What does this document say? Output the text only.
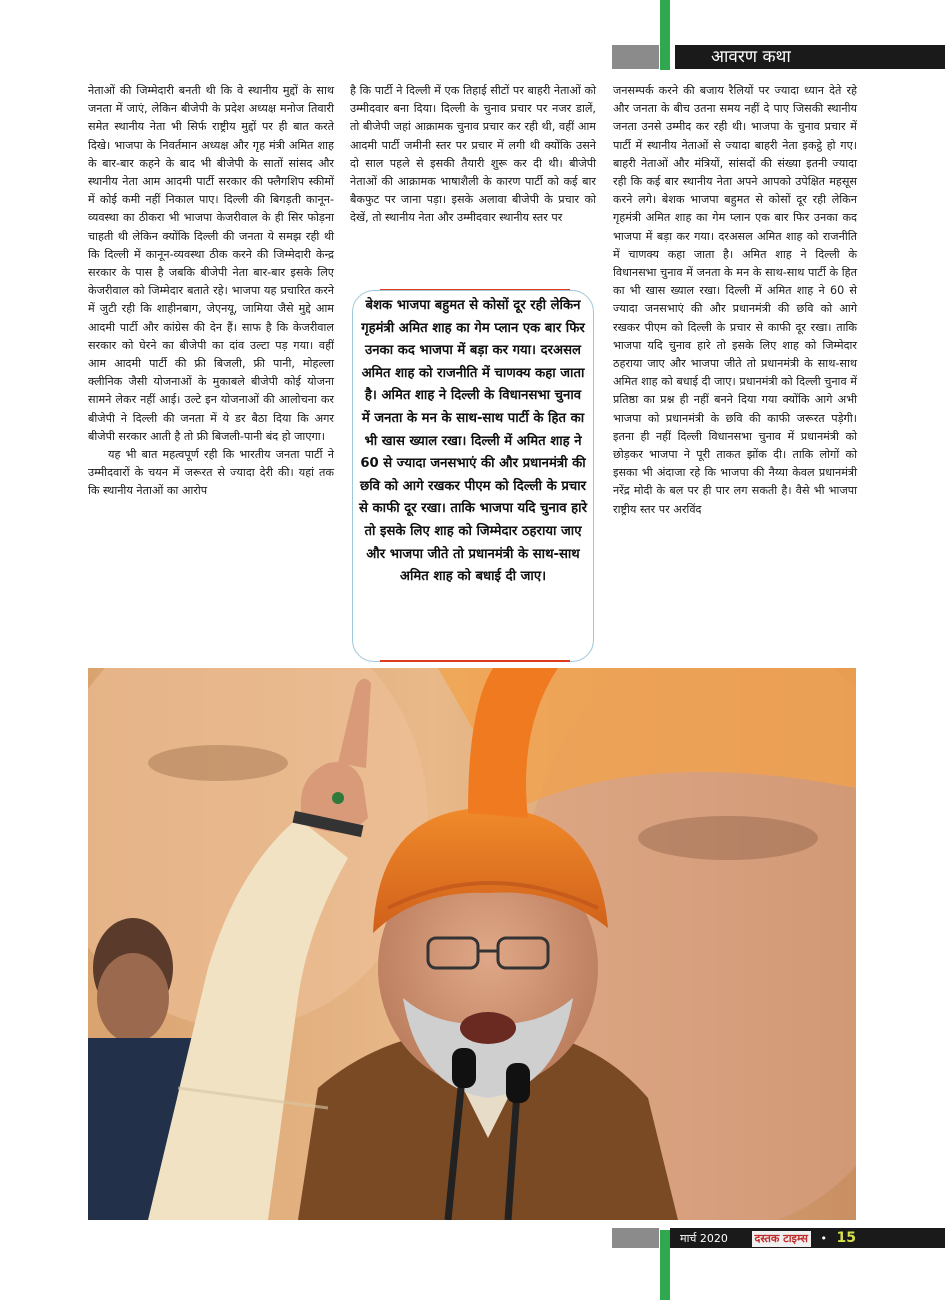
आवरण कथा

नेताओं की जिम्मेदारी बनती थी कि वे स्थानीय मुद्दों के साथ जनता में जाएं, लेकिन बीजेपी के प्रदेश अध्यक्ष मनोज तिवारी समेत स्थानीय नेता भी सिर्फ राष्ट्रीय मुद्दों पर ही बात करते दिखे। भाजपा के निवर्तमान अध्यक्ष और गृह मंत्री अमित शाह के बार-बार कहने के बाद भी बीजेपी के सातों सांसद और स्थानीय नेता आम आदमी पार्टी सरकार की फ्लैगशिप स्कीमों में कोई कमी नहीं निकाल पाए। दिल्ली की बिगड़ती कानून-व्यवस्था का ठीकरा भी भाजपा केजरीवाल के ही सिर फोड़ना चाहती थी लेकिन क्योंकि दिल्ली की जनता ये समझ रही थी कि दिल्ली में कानून-व्यवस्था ठीक करने की जिम्मेदारी केन्द्र सरकार के पास है जबकि बीजेपी नेता बार-बार इसके लिए केजरीवाल को जिम्मेदार बताते रहे। भाजपा यह प्रचारित करने में जुटी रही कि शाहीनबाग, जेएनयू, जामिया जैसे मुद्दे आम आदमी पार्टी और कांग्रेस की देन हैं। साफ है कि केजरीवाल सरकार को घेरने का बीजेपी का दांव उल्टा पड़ गया। वहीं आम आदमी पार्टी की फ्री बिजली, फ्री पानी, मोहल्ला क्लीनिक जैसी योजनाओं के मुकाबले बीजेपी कोई योजना सामने लेकर नहीं आई। उल्टे इन योजनाओं की आलोचना कर बीजेपी ने दिल्ली की जनता में ये डर बैठा दिया कि अगर बीजेपी सरकार आती है तो फ्री बिजली-पानी बंद हो जाएगा।

यह भी बात महत्वपूर्ण रही कि भारतीय जनता पार्टी ने उम्मीदवारों के चयन में जरूरत से ज्यादा देरी की। यहां तक कि स्थानीय नेताओं का आरोप

है कि पार्टी ने दिल्ली में एक तिहाई सीटों पर बाहरी नेताओं को उम्मीदवार बना दिया। दिल्ली के चुनाव प्रचार पर नजर डालें, तो बीजेपी जहां आक्रामक चुनाव प्रचार कर रही थी, वहीं आम आदमी पार्टी जमीनी स्तर पर प्रचार में लगी थी क्योंकि उसने दो साल पहले से इसकी तैयारी शुरू कर दी थी। बीजेपी नेताओं की आक्रामक भाषाशैली के कारण पार्टी को कई बार बैकफुट पर जाना पड़ा। इसके अलावा बीजेपी के प्रचार को देखें, तो स्थानीय नेता और उम्मीदवार स्थानीय स्तर पर

बेशक भाजपा बहुमत से कोसों दूर रही लेकिन गृहमंत्री अमित शाह का गेम प्लान एक बार फिर उनका कद भाजपा में बड़ा कर गया। दरअसल अमित शाह को राजनीति में चाणक्य कहा जाता है। अमित शाह ने दिल्ली के विधानसभा चुनाव में जनता के मन के साथ-साथ पार्टी के हित का भी खास ख्याल रखा। दिल्ली में अमित शाह ने 60 से ज्यादा जनसभाएं की और प्रधानमंत्री की छवि को आगे रखकर पीएम को दिल्ली के प्रचार से काफी दूर रखा। ताकि भाजपा यदि चुनाव हारे तो इसके लिए शाह को जिम्मेदार ठहराया जाए और भाजपा जीते तो प्रधानमंत्री के साथ-साथ अमित शाह को बधाई दी जाए।

जनसम्पर्क करने की बजाय रैलियों पर ज्यादा ध्यान देते रहे और जनता के बीच उतना समय नहीं दे पाए जिसकी स्थानीय जनता उनसे उम्मीद कर रही थी। भाजपा के चुनाव प्रचार में पार्टी में स्थानीय नेताओं से ज्यादा बाहरी नेता इकट्ठे हो गए। बाहरी नेताओं और मंत्रियों, सांसदों की संख्या इतनी ज्यादा रही कि कई बार स्थानीय नेता अपने आपको उपेक्षित महसूस करने लगे। बेशक भाजपा बहुमत से कोसों दूर रही लेकिन गृहमंत्री अमित शाह का गेम प्लान एक बार फिर उनका कद भाजपा में बड़ा कर गया। दरअसल अमित शाह को राजनीति में चाणक्य कहा जाता है। अमित शाह ने दिल्ली के विधानसभा चुनाव में जनता के मन के साथ-साथ पार्टी के हित का भी खास ख्याल रखा। दिल्ली में अमित शाह ने 60 से ज्यादा जनसभाएं की और प्रधानमंत्री की छवि को आगे रखकर पीएम को दिल्ली के प्रचार से काफी दूर रखा। ताकि भाजपा यदि चुनाव हारे तो इसके लिए शाह को जिम्मेदार ठहराया जाए और भाजपा जीते तो प्रधानमंत्री के साथ-साथ अमित शाह को बधाई दी जाए। प्रधानमंत्री को दिल्ली चुनाव में प्रतिष्ठा का प्रश्न ही नहीं बनने दिया गया क्योंकि आगे अभी भाजपा को प्रधानमंत्री के छवि की काफी जरूरत पड़ेगी। इतना ही नहीं दिल्ली विधानसभा चुनाव में प्रधानमंत्री को छोड़कर भाजपा ने पूरी ताकत झोंक दी। ताकि लोगों को इसका भी अंदाजा रहे कि भाजपा की नैय्या केवल प्रधानमंत्री नरेंद्र मोदी के बल पर ही पार लग सकती है। वैसे भी भाजपा राष्ट्रीय स्तर पर अरविंद

मार्च 2020 दस्तक टाइम्स • 15
